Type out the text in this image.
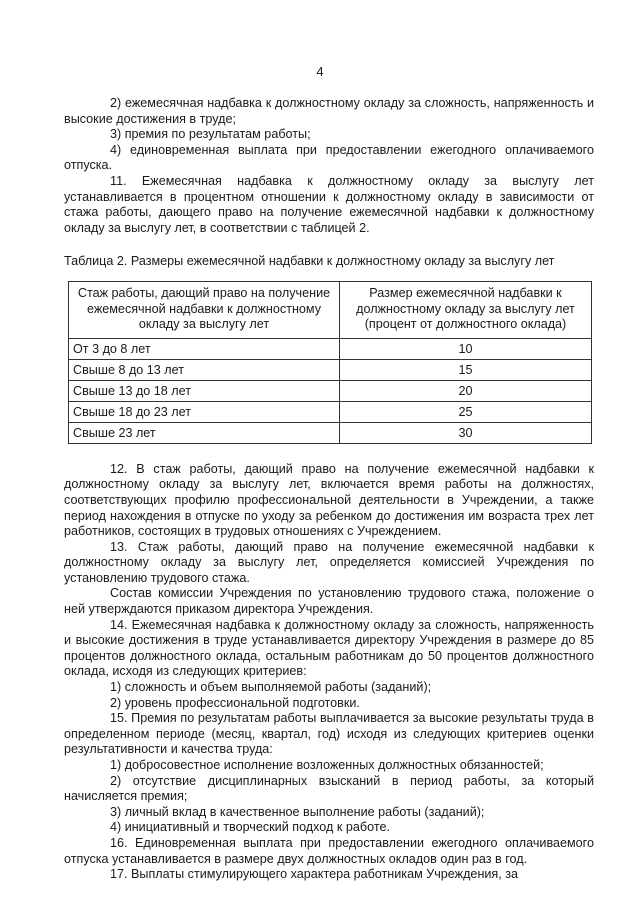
4

2) ежемесячная надбавка к должностному окладу за сложность, напряженность и высокие достижения в труде;

3) премия по результатам работы;

4) единовременная выплата при предоставлении ежегодного оплачиваемого отпуска.

11. Ежемесячная надбавка к должностному окладу за выслугу лет устанавливается в процентном отношении к должностному окладу в зависимости от стажа работы, дающего право на получение ежемесячной надбавки к должностному окладу за выслугу лет, в соответствии с таблицей 2.

Таблица 2. Размеры ежемесячной надбавки к должностному окладу за выслугу лет

Стаж работы, дающий право на получение ежемесячной надбавки к должностному окладу за выслугу лет	Размер ежемесячной надбавки к должностному окладу за выслугу лет (процент от должностного оклада)
От 3 до 8 лет	10
Свыше 8 до 13 лет	15
Свыше 13 до 18 лет	20
Свыше 18 до 23 лет	25
Свыше 23 лет	30

12. В стаж работы, дающий право на получение ежемесячной надбавки к должностному окладу за выслугу лет, включается время работы на должностях, соответствующих профилю профессиональной деятельности в Учреждении, а также период нахождения в отпуске по уходу за ребенком до достижения им возраста трех лет работников, состоящих в трудовых отношениях с Учреждением.

13. Стаж работы, дающий право на получение ежемесячной надбавки к должностному окладу за выслугу лет, определяется комиссией Учреждения по установлению трудового стажа.

Состав комиссии Учреждения по установлению трудового стажа, положение о ней утверждаются приказом директора Учреждения.

14. Ежемесячная надбавка к должностному окладу за сложность, напряженность и высокие достижения в труде устанавливается директору Учреждения в размере до 85 процентов должностного оклада, остальным работникам до 50 процентов должностного оклада, исходя из следующих критериев:

1) сложность и объем выполняемой работы (заданий);

2) уровень профессиональной подготовки.

15. Премия по результатам работы выплачивается за высокие результаты труда в определенном периоде (месяц, квартал, год) исходя из следующих критериев оценки результативности и качества труда:

1) добросовестное исполнение возложенных должностных обязанностей;

2) отсутствие дисциплинарных взысканий в период работы, за который начисляется премия;

3) личный вклад в качественное выполнение работы (заданий);

4) инициативный и творческий подход к работе.

16. Единовременная выплата при предоставлении ежегодного оплачиваемого отпуска устанавливается в размере двух должностных окладов один раз в год.

17. Выплаты стимулирующего характера работникам Учреждения, за
